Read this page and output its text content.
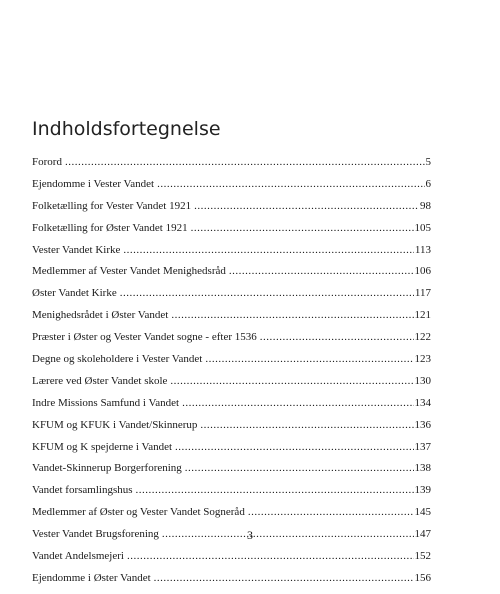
Indholdsfortegnelse
Forord .....	5
Ejendomme i Vester Vandet .....	6
Folketælling for Vester Vandet 1921 .....	98
Folketælling for Øster Vandet 1921 .....	105
Vester Vandet Kirke .....	113
Medlemmer af Vester Vandet Menighedsråd .....	106
Øster Vandet Kirke .....	117
Menighedsrådet i Øster Vandet .....	121
Præster i Øster og Vester Vandet sogne - efter 1536 .....	122
Degne og skoleholdere i Vester Vandet .....	123
Lærere ved Øster Vandet skole .....	130
Indre Missions Samfund i Vandet .....	134
KFUM og KFUK i Vandet/Skinnerup .....	136
KFUM og K spejderne i Vandet .....	137
Vandet-Skinnerup Borgerforening .....	138
Vandet forsamlingshus .....	139
Medlemmer af Øster og Vester Vandet Sogneråd .....	145
Vester Vandet Brugsforening .....	147
Vandet Andelsmejeri .....	152
Ejendomme i Øster Vandet .....	156
3
